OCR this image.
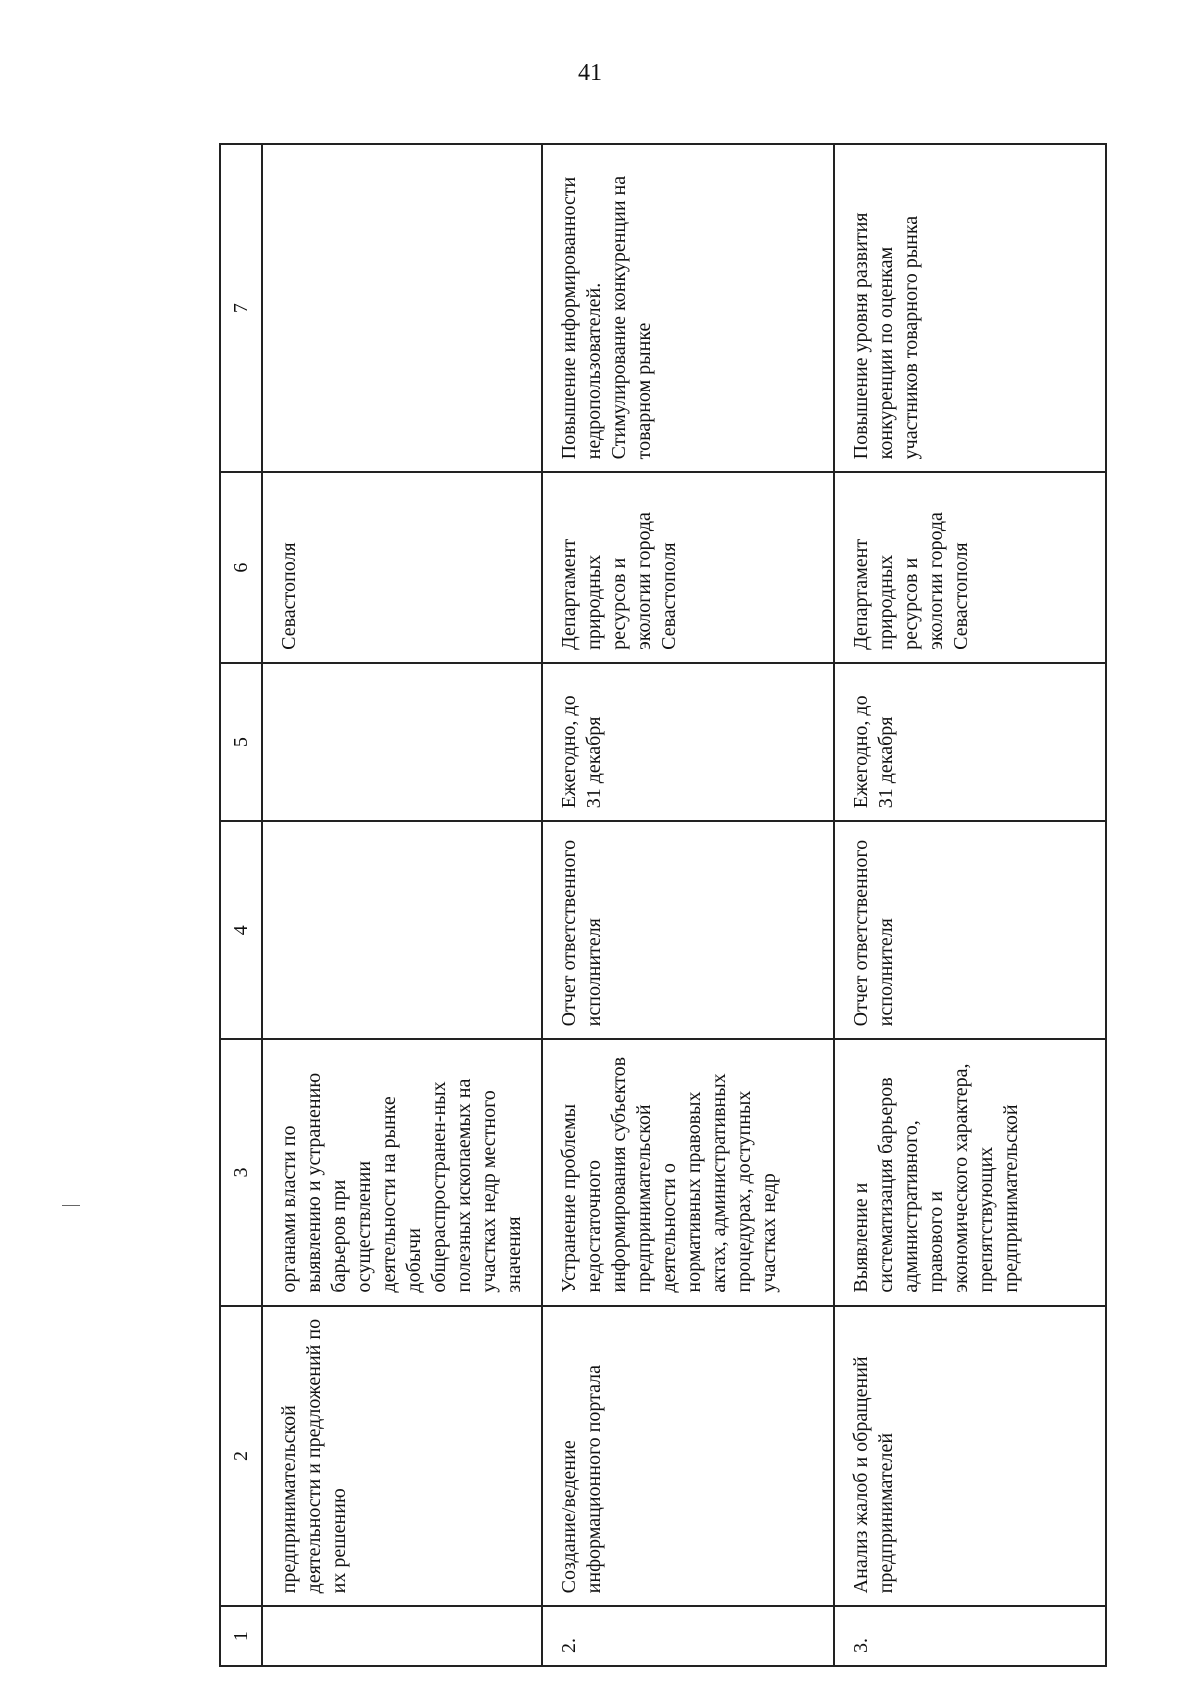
41
1	2	3	4	5	6	7
	предпринимательской деятельности и предложений по их решению	органами власти по выявлению и устранению барьеров при осуществлении деятельности на рынке добычи общераспространен-ных полезных ископаемых на участках недр местного значения			Севастополя	
2.	Создание/ведение информационного портала	Устранение проблемы недостаточного информирования субъектов предпринимательской деятельности о нормативных правовых актах, административных процедурах, доступных участках недр	Отчет ответственного исполнителя	Ежегодно, до 31 декабря	Департамент природных ресурсов и экологии города Севастополя	Повышение информированности недропользователей. Стимулирование конкуренции на товарном рынке
3.	Анализ жалоб и обращений предпринимателей	Выявление и систематизация барьеров административного, правового и экономического характера, препятствующих предпринимательской	Отчет ответственного исполнителя	Ежегодно, до 31 декабря	Департамент природных ресурсов и экологии города Севастополя	Повышение уровня развития конкуренции по оценкам участников товарного рынка
